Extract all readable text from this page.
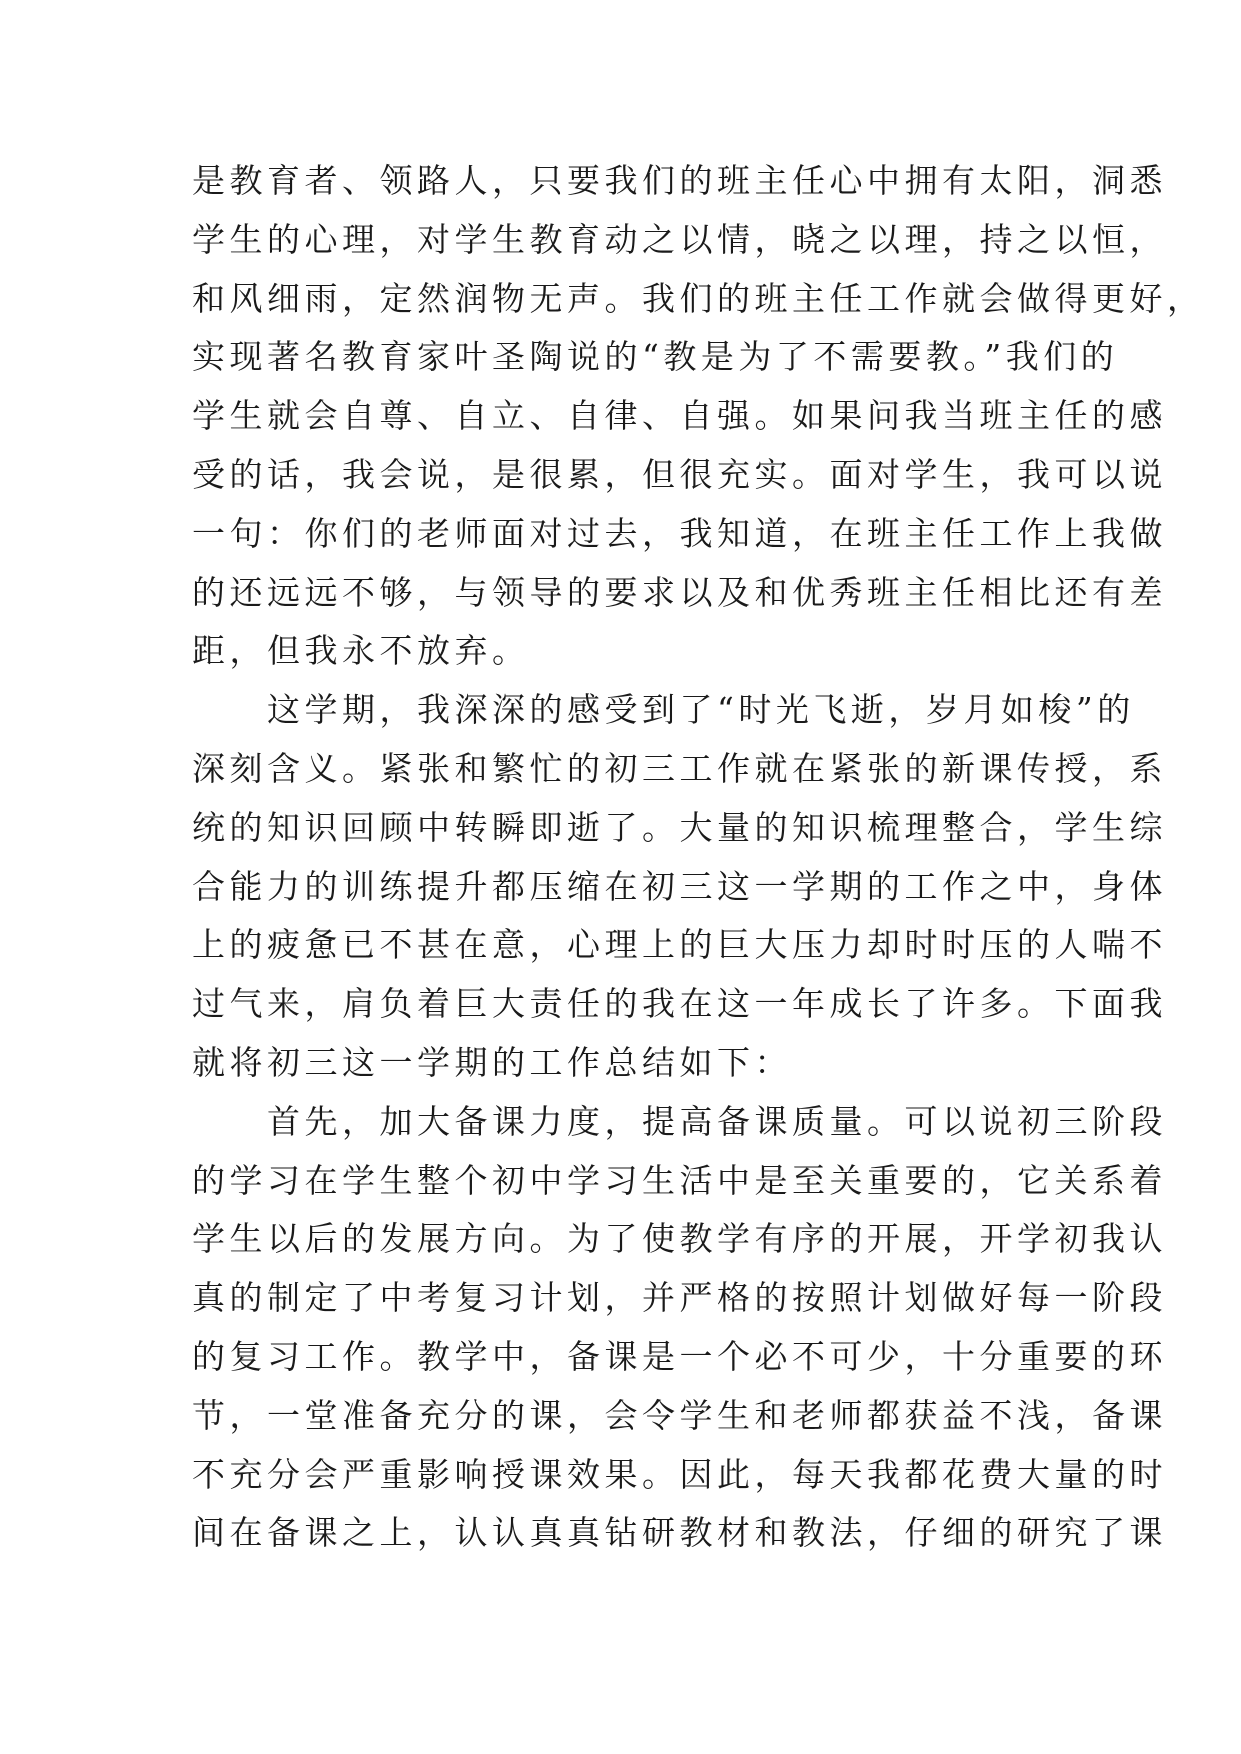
是教育者、领路人，只要我们的班主任心中拥有太阳，洞悉
学生的心理，对学生教育动之以情，晓之以理，持之以恒，
和风细雨，定然润物无声。我们的班主任工作就会做得更好，
实现著名教育家叶圣陶说的“教是为了不需要教。”我们的
学生就会自尊、自立、自律、自强。如果问我当班主任的感
受的话，我会说，是很累，但很充实。面对学生，我可以说
一句：你们的老师面对过去，我知道，在班主任工作上我做
的还远远不够，与领导的要求以及和优秀班主任相比还有差
距，但我永不放弃。
　　这学期，我深深的感受到了“时光飞逝，岁月如梭”的
深刻含义。紧张和繁忙的初三工作就在紧张的新课传授，系
统的知识回顾中转瞬即逝了。大量的知识梳理整合，学生综
合能力的训练提升都压缩在初三这一学期的工作之中，身体
上的疲惫已不甚在意，心理上的巨大压力却时时压的人喘不
过气来，肩负着巨大责任的我在这一年成长了许多。下面我
就将初三这一学期的工作总结如下：
　　首先，加大备课力度，提高备课质量。可以说初三阶段
的学习在学生整个初中学习生活中是至关重要的，它关系着
学生以后的发展方向。为了使教学有序的开展，开学初我认
真的制定了中考复习计划，并严格的按照计划做好每一阶段
的复习工作。教学中，备课是一个必不可少，十分重要的环
节，一堂准备充分的课，会令学生和老师都获益不浅，备课
不充分会严重影响授课效果。因此，每天我都花费大量的时
间在备课之上，认认真真钻研教材和教法，仔细的研究了课
